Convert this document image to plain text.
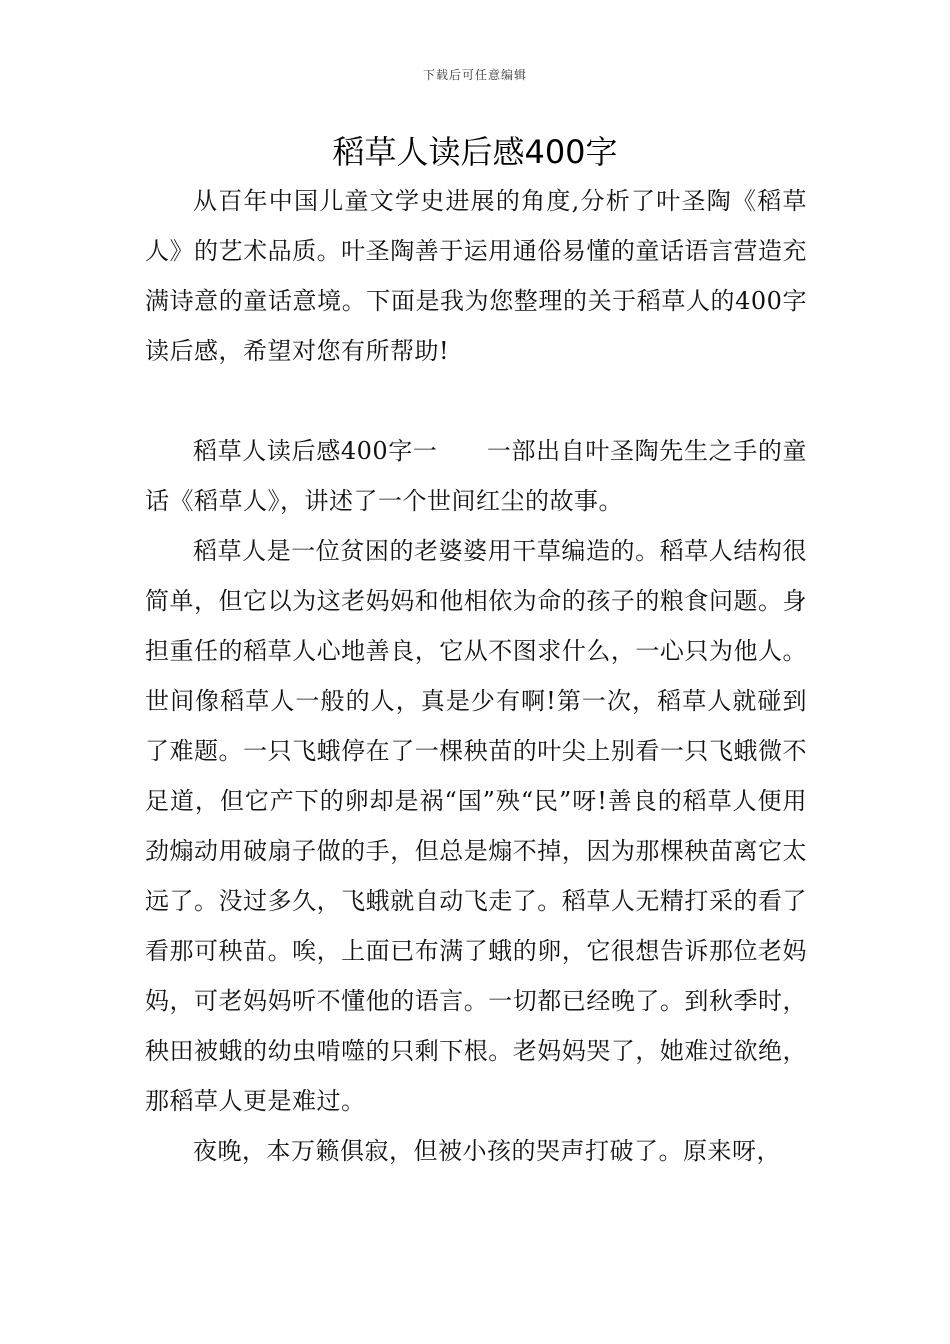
下载后可任意编辑
稻草人读后感400字

从百年中国儿童文学史进展的角度,分析了叶圣陶《稻草人》的艺术品质。叶圣陶善于运用通俗易懂的童话语言营造充满诗意的童话意境。下面是我为您整理的关于稻草人的400字读后感，希望对您有所帮助!

稻草人读后感400字一　　一部出自叶圣陶先生之手的童话《稻草人》，讲述了一个世间红尘的故事。

稻草人是一位贫困的老婆婆用干草编造的。稻草人结构很简单，但它以为这老妈妈和他相依为命的孩子的粮食问题。身担重任的稻草人心地善良，它从不图求什么，一心只为他人。世间像稻草人一般的人，真是少有啊!第一次，稻草人就碰到了难题。一只飞蛾停在了一棵秧苗的叶尖上别看一只飞蛾微不足道，但它产下的卵却是祸“国”殃“民”呀!善良的稻草人便用劲煽动用破扇子做的手，但总是煽不掉，因为那棵秧苗离它太远了。没过多久，飞蛾就自动飞走了。稻草人无精打采的看了看那可秧苗。唉，上面已布满了蛾的卵，它很想告诉那位老妈妈，可老妈妈听不懂他的语言。一切都已经晚了。到秋季时，秧田被蛾的幼虫啃噬的只剩下根。老妈妈哭了，她难过欲绝，那稻草人更是难过。

夜晚，本万籁俱寂，但被小孩的哭声打破了。原来呀，
